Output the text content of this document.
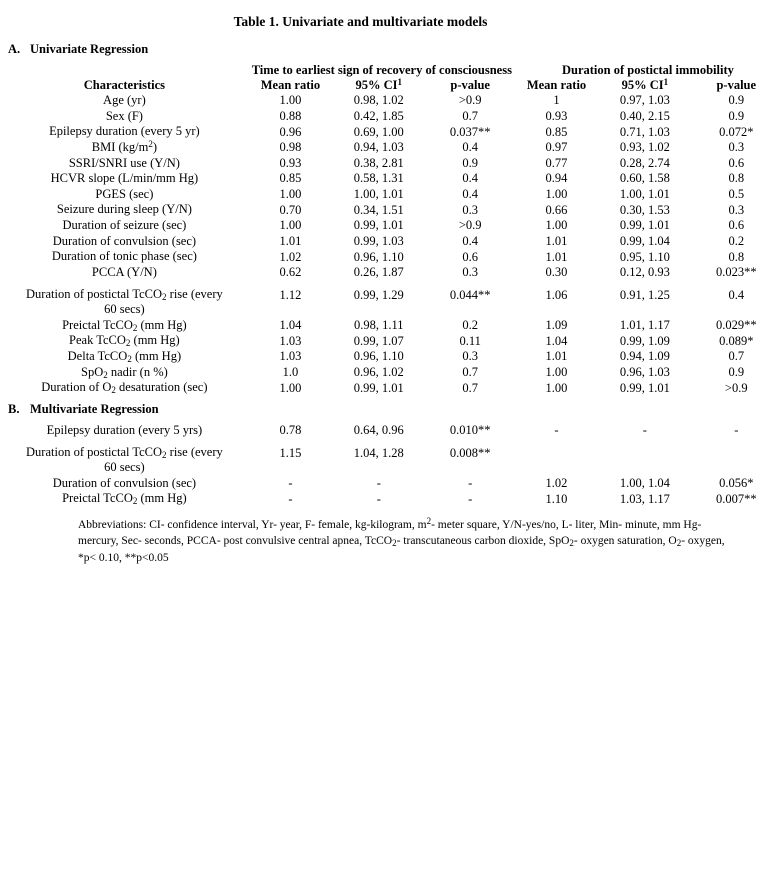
Table 1. Univariate and multivariate models
A. Univariate Regression
	Time to earliest sign of recovery of consciousness			Duration of postictal immobility		
Characteristics	Mean ratio	95% $CI^1$	p-value	Mean ratio	95% $CI^1$	p-value
Age (yr)	1.00	0.98, 1.02	>0.9	1	0.97, 1.03	0.9
Sex (F)	0.88	0.42, 1.85	0.7	0.93	0.40, 2.15	0.9
Epilepsy duration (every 5 yr)	0.96	0.69, 1.00	0.037**	0.85	0.71, 1.03	0.072*
BMI $(kg/m^2)$	0.98	0.94, 1.03	0.4	0.97	0.93, 1.02	0.3
SSRI/SNRI use (Y/N)	0.93	0.38, 2.81	0.9	0.77	0.28, 2.74	0.6
HCVR slope (L/min/mm Hg)	0.85	0.58, 1.31	0.4	0.94	0.60, 1.58	0.8
PGES (sec)	1.00	1.00, 1.01	0.4	1.00	1.00, 1.01	0.5
Seizure during sleep (Y/N)	0.70	0.34, 1.51	0.3	0.66	0.30, 1.53	0.3
Duration of seizure (sec)	1.00	0.99, 1.01	>0.9	1.00	0.99, 1.01	0.6
Duration of convulsion (sec)	1.01	0.99, 1.03	0.4	1.01	0.99, 1.04	0.2
Duration of tonic phase (sec)	1.02	0.96, 1.10	0.6	1.01	0.95, 1.10	0.8
PCCA (Y/N)	0.62	0.26, 1.87	0.3	0.30	0.12, 0.93	0.023**
Duration of postictal TcCO$_2$ rise (every
60 secs)	1.12	0.99, 1.29	0.044**	1.06	0.91, 1.25	0.4
Preictal TcCO$_2$ (mm Hg)	1.04	0.98, 1.11	0.2	1.09	1.01, 1.17	0.029**
Peak TcCO$_2$ (mm Hg)	1.03	0.99, 1.07	0.11	1.04	0.99, 1.09	0.089*
Delta TcCO$_2$ (mm Hg)	1.03	0.96, 1.10	0.3	1.01	0.94, 1.09	0.7
SpO$_2$ nadir (n %)	1.0	0.96, 1.02	0.7	1.00	0.96, 1.03	0.9
Duration of $O_2$ desaturation (sec)	1.00	0.99, 1.01	0.7	1.00	0.99, 1.01	>0.9
B. Multivariate Regression
Epilepsy duration (every 5 yrs)	0.78	0.64, 0.96	0.010**	-	-	-
Duration of postictal TcCO$_2$ rise (every
60 secs)	1.15	1.04, 1.28	0.008**			
Duration of convulsion (sec)	-	-	-	1.02	1.00, 1.04	0.056*
Preictal TcCO$_2$ (mm Hg)	-	-	-	1.10	1.03, 1.17	0.007**
Abbreviations: CI- confidence interval, Yr- year, F- female, kg-kilogram, $m^2-$ meter square, Y/N-yes/no, L- liter, Min- minute, mm Hg- mercury, Sec- seconds, PCCA- post convulsive central apnea, TcCO$_2$- transcutaneous carbon dioxide, SpO$_2$- oxygen saturation, $O_2-$ oxygen, *p< 0.10, **p<0.05
